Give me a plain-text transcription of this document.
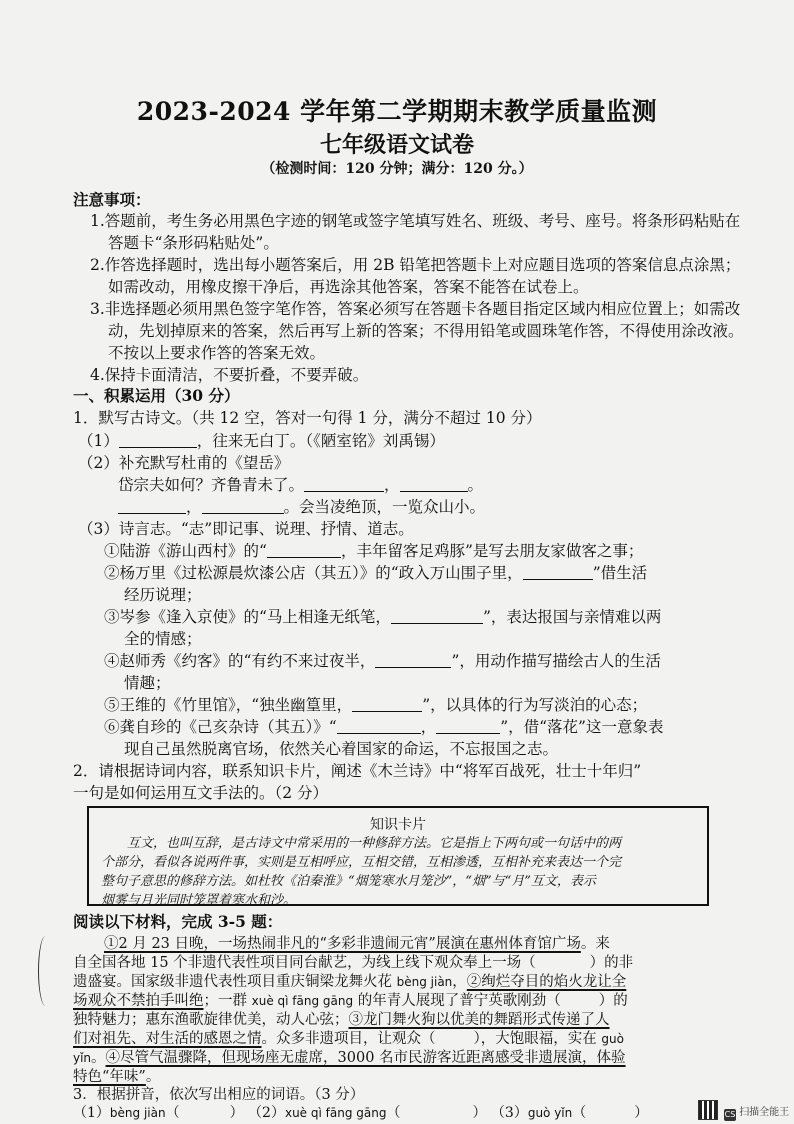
2023-2024 学年第二学期期末教学质量监测
七年级语文试卷
（检测时间：120 分钟；满分：120 分。）
注意事项：
1.答题前，考生务必用黑色字迹的钢笔或签字笔填写姓名、班级、考号、座号。将条形码粘贴在
答题卡“条形码粘贴处”。
2.作答选择题时，选出每小题答案后，用 2B 铅笔把答题卡上对应题目选项的答案信息点涂黑；
如需改动，用橡皮擦干净后，再选涂其他答案，答案不能答在试卷上。
3.非选择题必须用黑色签字笔作答，答案必须写在答题卡各题目指定区域内相应位置上；如需改
动，先划掉原来的答案，然后再写上新的答案；不得用铅笔或圆珠笔作答，不得使用涂改液。
不按以上要求作答的答案无效。
4.保持卡面清洁，不要折叠，不要弄破。
一、积累运用（30 分）
1．默写古诗文。（共 12 空，答对一句得 1 分，满分不超过 10 分）
（1）	，往来无白丁。（《陋室铭》刘禹锡）
（2）补充默写杜甫的《望岳》
岱宗夫如何？齐鲁青未了。	，	。
，	。会当凌绝顶，一览众山小。
（3）诗言志。“志”即记事、说理、抒情、道志。
①陆游《游山西村》的“	，丰年留客足鸡豚”是写去朋友家做客之事；
②杨万里《过松源晨炊漆公店（其五）》的“政入万山围子里，	”借生活
经历说理；
③岑参《逢入京使》的“马上相逢无纸笔，	”，表达报国与亲情难以两
全的情感；
④赵师秀《约客》的“有约不来过夜半，	”，用动作描写描绘古人的生活
情趣；
⑤王维的《竹里馆》，“独坐幽篁里，	”，以具体的行为写淡泊的心态；
⑥龚自珍的《己亥杂诗（其五）》“	，	”，借“落花”这一意象表
现自己虽然脱离官场，依然关心着国家的命运，不忘报国之志。
2．请根据诗词内容，联系知识卡片，阐述《木兰诗》中“将军百战死，壮士十年归”
一句是如何运用互文手法的。（2 分）
知识卡片
互文，也叫互辞，是古诗文中常采用的一种修辞方法。它是指上下两句或一句话中的两
个部分，看似各说两件事，实则是互相呼应，互相交错，互相渗透，互相补充来表达一个完
整句子意思的修辞方法。如杜牧《泊秦淮》“烟笼寒水月笼沙”，“烟”与“月”互文，表示
烟雾与月光同时笼罩着寒水和沙。
阅读以下材料，完成 3-5 题：
①2 月 23 日晚，一场热闹非凡的“多彩非遗闹元宵”展演在惠州体育馆广场。来
自全国各地 15 个非遗代表性项目同台献艺，为线上线下观众奉上一场（	）的非
遗盛宴。国家级非遗代表性项目重庆铜梁龙舞火花 bèng jiàn，②绚烂夺目的焰火龙让全
场观众不禁拍手叫绝；一群 xuè qì fāng gāng 的年青人展现了普宁英歌刚劲（	）的
独特魅力；惠东渔歌旋律优美，动人心弦；③龙门舞火狗以优美的舞蹈形式传递了人
们对祖先、对生活的感恩之情。众多非遗项目，让观众（	），大饱眼福，实在 guò
yǐn。④尽管气温骤降，但现场座无虚席，3000 名市民游客近距离感受非遗展演，体验
特色“年味”。
3．根据拼音，依次写出相应的词语。（3 分）
（1）bèng jiàn（	） （2）xuè qì fāng gāng（	） （3）guò yǐn（	）	CS 扫描全能王
